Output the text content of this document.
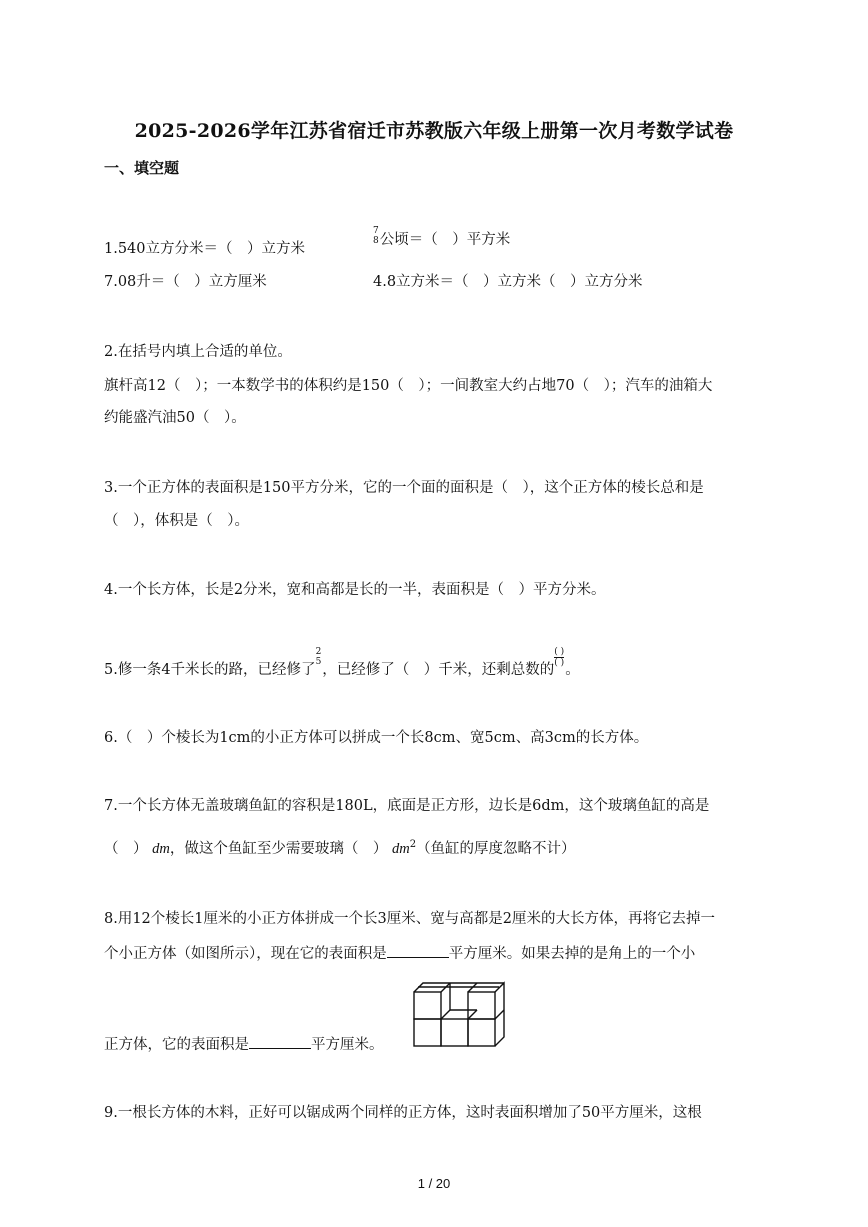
2025-2026学年江苏省宿迁市苏教版六年级上册第一次月考数学试卷
一、填空题
1.540立方分米＝（　）立方米
7
8 公顷＝（　）平方米
7.08升＝（　）立方厘米	4.8立方米＝（　）立方米（　）立方分米
2.在括号内填上合适的单位。
旗杆高12（　）；一本数学书的体积约是150（　）；一间教室大约占地70（　）；汽车的油箱大
约能盛汽油50（　）。
3.一个正方体的表面积是150平方分米，它的一个面的面积是（　），这个正方体的棱长总和是
（　），体积是（　）。
4.一个长方体，长是2分米，宽和高都是长的一半，表面积是（　）平方分米。
5.修一条4千米长的路，已经修了
2
5 ，已经修了（　）千米，还剩总数的
$\frac{( )}{( )}$
。
6.（　）个棱长为1cm的小正方体可以拼成一个长8cm、宽5cm、高3cm的长方体。
7.一个长方体无盖玻璃鱼缸的容积是180L，底面是正方形，边长是6dm，这个玻璃鱼缸的高是
（　） dm，做这个鱼缸至少需要玻璃（　） $dm^2$（鱼缸的厚度忽略不计）
8.用12个棱长1厘米的小正方体拼成一个长3厘米、宽与高都是2厘米的大长方体，再将它去掉一
个小正方体（如图所示），现在它的表面积是	平方厘米。如果去掉的是角上的一个小
正方体，它的表面积是	平方厘米。
9.一根长方体的木料，正好可以锯成两个同样的正方体，这时表面积增加了50平方厘米，这根
1 / 20
